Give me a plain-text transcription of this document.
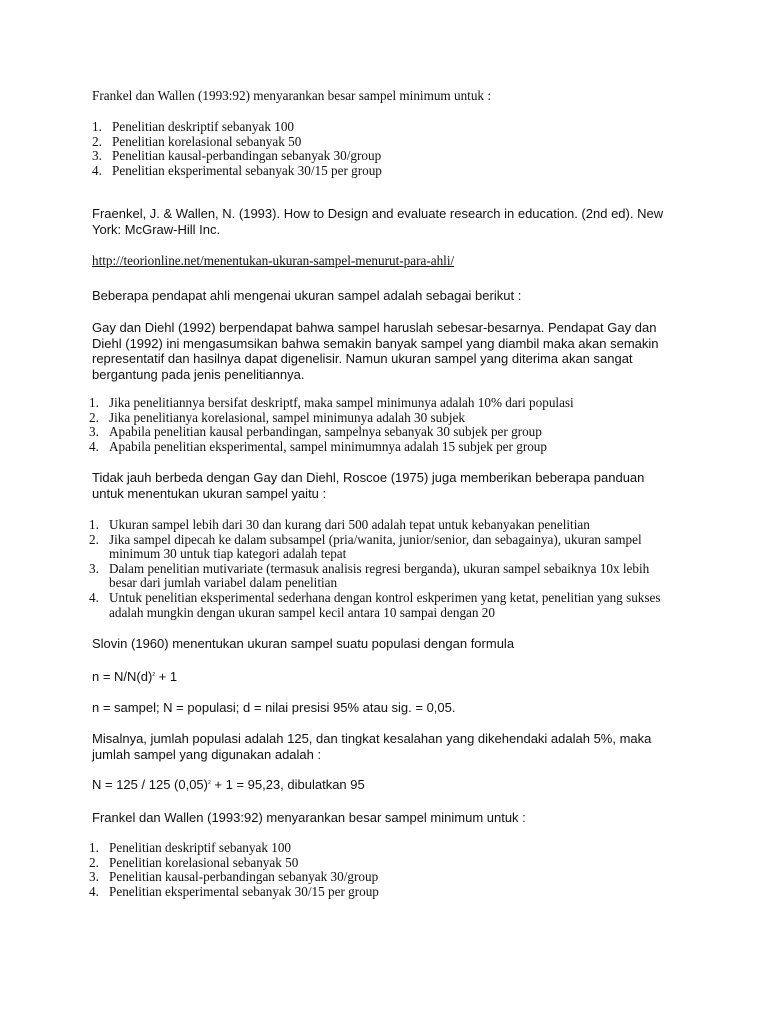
Frankel dan Wallen (1993:92) menyarankan besar sampel minimum untuk :

1. Penelitian deskriptif sebanyak 100
2. Penelitian korelasional sebanyak 50
3. Penelitian kausal-perbandingan sebanyak 30/group
4. Penelitian eksperimental sebanyak 30/15 per group

Fraenkel, J. & Wallen, N. (1993). How to Design and evaluate research in education. (2nd ed). New York: McGraw-Hill Inc.

http://teorionline.net/menentukan-ukuran-sampel-menurut-para-ahli/

Beberapa pendapat ahli mengenai ukuran sampel adalah sebagai berikut :

Gay dan Diehl (1992) berpendapat bahwa sampel haruslah sebesar-besarnya. Pendapat Gay dan Diehl (1992) ini mengasumsikan bahwa semakin banyak sampel yang diambil maka akan semakin representatif dan hasilnya dapat digenelisir. Namun ukuran sampel yang diterima akan sangat bergantung pada jenis penelitiannya.

1. Jika penelitiannya bersifat deskriptf, maka sampel minimunya adalah 10% dari populasi
2. Jika penelitianya korelasional, sampel minimunya adalah 30 subjek
3. Apabila penelitian kausal perbandingan, sampelnya sebanyak 30 subjek per group
4. Apabila penelitian eksperimental, sampel minimumnya adalah 15 subjek per group

Tidak jauh berbeda dengan Gay dan Diehl, Roscoe (1975) juga memberikan beberapa panduan untuk menentukan ukuran sampel yaitu :

1. Ukuran sampel lebih dari 30 dan kurang dari 500 adalah tepat untuk kebanyakan penelitian
2. Jika sampel dipecah ke dalam subsampel (pria/wanita, junior/senior, dan sebagainya), ukuran sampel minimum 30 untuk tiap kategori adalah tepat
3. Dalam penelitian mutivariate (termasuk analisis regresi berganda), ukuran sampel sebaiknya 10x lebih besar dari jumlah variabel dalam penelitian
4. Untuk penelitian eksperimental sederhana dengan kontrol eskperimen yang ketat, penelitian yang sukses adalah mungkin dengan ukuran sampel kecil antara 10 sampai dengan 20

Slovin (1960) menentukan ukuran sampel suatu populasi dengan formula

$n = N/N(d)^2 + 1$

n = sampel; N = populasi; d = nilai presisi 95% atau sig. = 0,05.

Misalnya, jumlah populasi adalah 125, dan tingkat kesalahan yang dikehendaki adalah 5%, maka jumlah sampel yang digunakan adalah :

N = 125 / 125 $(0,05)^2 + 1 = 95,23$, dibulatkan 95

Frankel dan Wallen (1993:92) menyarankan besar sampel minimum untuk :

1. Penelitian deskriptif sebanyak 100
2. Penelitian korelasional sebanyak 50
3. Penelitian kausal-perbandingan sebanyak 30/group
4. Penelitian eksperimental sebanyak 30/15 per group
